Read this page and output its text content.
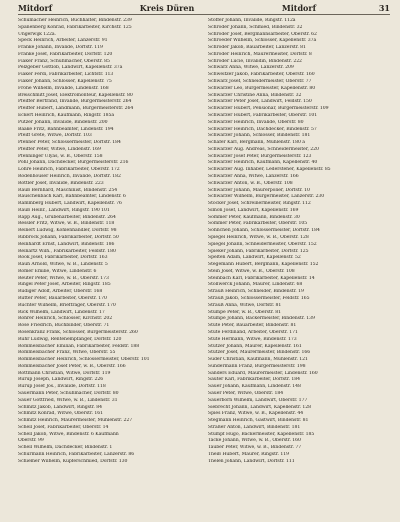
Mitdorf	Kreis Düren	Mitdorf	31
Schumacher Heinrich, Buchhalter, Bindenstr. 239
Spanenberg Konrad, Fabrikarbeiter, Kirchstr. 125
Ungerwijk 122a.
Speck Heinrich, Arbeiter, Lanzerstr. 91
Franke Johann, Invalide, Dorfstr. 119
Franke Josef, Fabrikarbeiter, Dorfstr. 120
Fiaker Franz, Schuhmacher, Oberstr. 85
Pelzgeber Gottlob, Landwirt, Kapellenstr. 37a
Fiaker Ferdi, Fabrikarbeiter, Lichtstr. 113
Fiaker Johann, Schlosser, Kapellenstr. 75
Fröhe Wilhelm, Invalide, Lindenstr. 168
Breischmitt Josef, Elektromonteur, Kapellenstr. 80
Pfeiffer Bertrand, Invalide, Bürgermeisterstr. 264
Pfeiffer Hubert, Landmann, Bürgermeisterstr. 264
Eckert Heinrich, Kaufmann, Ringstr. 185a
Pützer Johann, Invalide, Bindenstr. 200
Baake Fritz, Bahnbeamter, Lindenstr. 194
Pfeiff Grete, Witwe, Dorfstr. 103
Pfenner Peter, Schlossermeister, Dorfstr. 184
Pfeiffer Peter, Witwe, Lindenstr. 169
Pfenninger Ulyas, w. B., Oberstr. 158
Pohl Johann, Dachdecker, Bürgermeisterstr. 216
Löhre Heinrich, Fabrikarbeiter, Oberstr. 172
Rodenhouser Heinrich, Invalide, Dorfstr. 182
Rottler Josef, Invalide, Bindenstr. 223
Rauß Bernhard, Maschinist, Bindenstr. 254
Rauschenbach Karl, Bahnbeamter, Lindenstr. 6
Rammberg Hubert, Landwirt, Kapellenstr. 76
Rauß Heinr., Landwirt, Ringstr. 190 101
Rapp Aug., Grubenarbeiter, Bindenstr. 264
Ressler Fritz, Witwe, w. B., Bindenstr. 118
Reinert Ludwig, Kohlenhändler, Dorfstr. 98
Ribbrock Johann, Fabrikarbeiter, Dorfstr. 50
Reinhardt Ernst, Landwirt, Bindenstr. 186
Reinartz Wilh., Fabrikarbeiter, Feldstr. 180
Rook Josef, Fabrikarbeiter, Dorfstr. 163
Rauh Arnold, Witwe, w. B., Lindenstr. 5
Römer Emilie, Witwe, Lindenstr. 6
Reuter Peter, Witwe, w. B., Oberstr. 173
Ringel Peter Josef, Arbeiter, Ringstr. 185
Rüdiger Adolf, Arbeiter, Oberstr. 168
Rütter Peter, Bauarbeiter, Oberstr. 170
Rüchter Wilhelm, Briefträger, Oberstr. 170
Rick Wilhelm, Landwirt, Lindenstr. 17
Rohrer Heinrich, Schlosser, Kirchstr. 202
Rose Friedrich, Buchbinder, Oberstr. 71
Rosenkranz Frank, Schlosser, Bürgermeisterstr. 260
Ruhr Ludwig, Rentenempfänger, Dorfstr. 120
Rommelsbacher Emilian, Fabrikarbeiter, Feldstr. 188
Rommelsbacher Franz, Witwe, Oberstr. 55
Rommelsbacher Heinrich, Schlossermeister, Oberstr. 101
Rommelsbacher Josef Peter, w. B., Oberstr. 166
Rottmann Christian, Witwe, Dorfstr. 119
Rürup Joseph, Landwirt, Ringstr. 226
Rürup Josef Jos., Invalide, Dorfstr. 118
Sauermann Peter, Schuhmacher, Dorfstr. 80
Sauer Gottfried, Witwe, w. B., Lindenstr. 31
Schmitz Jakob, Landwirt, Ringstr. 84
Schmitz Konrad, Witwe, Oberstr. 161
Schmitz Heinrich, Maurermeister, Mühlenstr. 227
Schell Josef, Fabrikarbeiter, Oberstr. 14
Schell Jakob, Witwe, Bindenstr. 6 Kaufmann
Oberstr. 99
Schell Wilhelm, Dachdecker, Bindenstr. 1
Schürmann Heinrich, Fabrikarbeiter, Lanzerstr. 86
Schiemer Wilhelm, Kupferschmied, Dorfstr. 130
Stöffer Johann, Invalide, Ringstr. 112a
Schröder Johann, Schmied, Bindenstr. 32
Schröder Josef, Bergmannsarbeiter, Oberstr. 62
Schroeder Wilhelm, Schlosser, Kapellenstr. 37a
Schröder Jakob, Bauarbeiter, Lanzerstr. 81
Schröder Heinrich, Maurermeister, Dorfstr. 8
Schröder Lucie, Invalidin, Bindenstr. 222
Schwarz Anna, Witwe, Lanzerstr. 209
Schweitzer Jakob, Fabrikarbeiter, Oberstr. 160
Schwarz Josef, Schneidermeister, Oberstr. 77
Schwarzer Leo, Bürgermeister, Kapellenstr. 80
Schwarzer Christine Anna, Bindenstr. 32
Schwarzer Peter Josef, Landwirt, Feldstr. 150
Schwarzer Hubert, Pensionär, Bürgermeisterstr. 109
Schwarzer Hubert, Fabrikarbeiter, Oberstr. 101
Schwarzer Heinrich, Invalide, Oberstr. 80
Schwarzer Heinrich, Dachdecker, Bindenstr. 57
Schwarzer Johann, Schlosser, Bindenstr. 181
Schäfer Karl, Bergmann, Mühlenstr. 180 a
Schwarzer Aug. Andreas, Schneidermeister, 220
Schwarzer Josef Peter, Bürgermeisterstr. 123
Schwarzer Heinrich, Kaufmann, Kapellenstr. 40
Schwarzer Aug. Inhaber, Ledersteher, Kapellenstr. 85
Schwarzer Anna, Witwe, Lanzerstr. 166
Schwarzer Anton, w. B., Oberstr. 108
Schwarzer Johann, Maurerpolier, Dorfstr. 10
Schwarzer Wilhelm, Bürgermeister, Lanzerstr. 230
Stöcker Josef, Schreinermeister, Ringstr. 112
Simon Josef, Landwirt, Kapellenstr. 169
Sommer Peter, Kaufmann, Bindenstr. 30
Sommer Peter, Fabrikarbeiter, Oberstr. 105
Söhnchen Johann, Schlossermeister, Dorfstr. 184
Spiegel Heinrich, Witwe, w. B., Oberstr. 128
Spiegel Johann, Schneidermeister, Oberstr. 152
Spieker Johann, Fabrikarbeiter, Dorfstr. 125
Spelten Adam, Landwirt, Kapellenstr. 52
Stegemann Hubert, Bergmann, Kapellenstr. 152
Stein Josef, Witwe, w. B., Oberstr. 108
Steinbach Karl, Fabrikarbeiter, Kapellenstr. 14
Stollwerck Johann, Maurer, Lindenstr. 68
Strauß Heinrich, Schneider, Bindenstr. 19
Strauß Jakob, Schlossermeister, Feldstr. 165
Strauß Anna, Witwe, Dorfstr. 81
Stumpe Peter, w. B., Oberstr. 81
Stumpe Johann, Bäckermeister, Bindenstr. 139
Stute Peter, Bauarbeiter, Bindenstr. 81
Stute Ferdinand, Arbeiter, Oberstr. 171
Stute Hermann, Witwe, Bindenstr. 173
Stutzer Johann, Maurer, Kapellenstr. 161
Stutzer Josef, Maurermeister, Bindenstr. 166
Suder Christian, Kaufmann, Mühlenstr. 121
Sundermann Franz, Bürgermeisterstr. 198
Sanders Eduard, Maurermeister, Lindenstr. 160
Sauter Karl, Fabrikarbeiter, Dorfstr. 184
Sauer Johann, Kaufmann, Lindenstr. 148
Sauer Peter, Witwe, Oberstr. 184
Sauerborn Wilhelm, Landwirt, Oberstr. 177
Siebrecht Johann, Landwirt, Kapellenstr. 128
Spies Franz, Witwe, w. B., Kapellenstr. 44
Stegmann Heinrich, Gastwirt, Bindenstr. 81
Straßer Anton, Landwirt, Bindenstr. 181
Stumpf Hugo, Bäckermeister, Kapellenstr. 185
Tacke Johann, Witwe, w. B., Oberstr. 160
Tauber Peter, Witwe, w. B., Bindenstr. 77
Theiß Hubert, Maurer, Ringstr. 119
Thelen Johann, Landwirt, Dorfstr. 111
